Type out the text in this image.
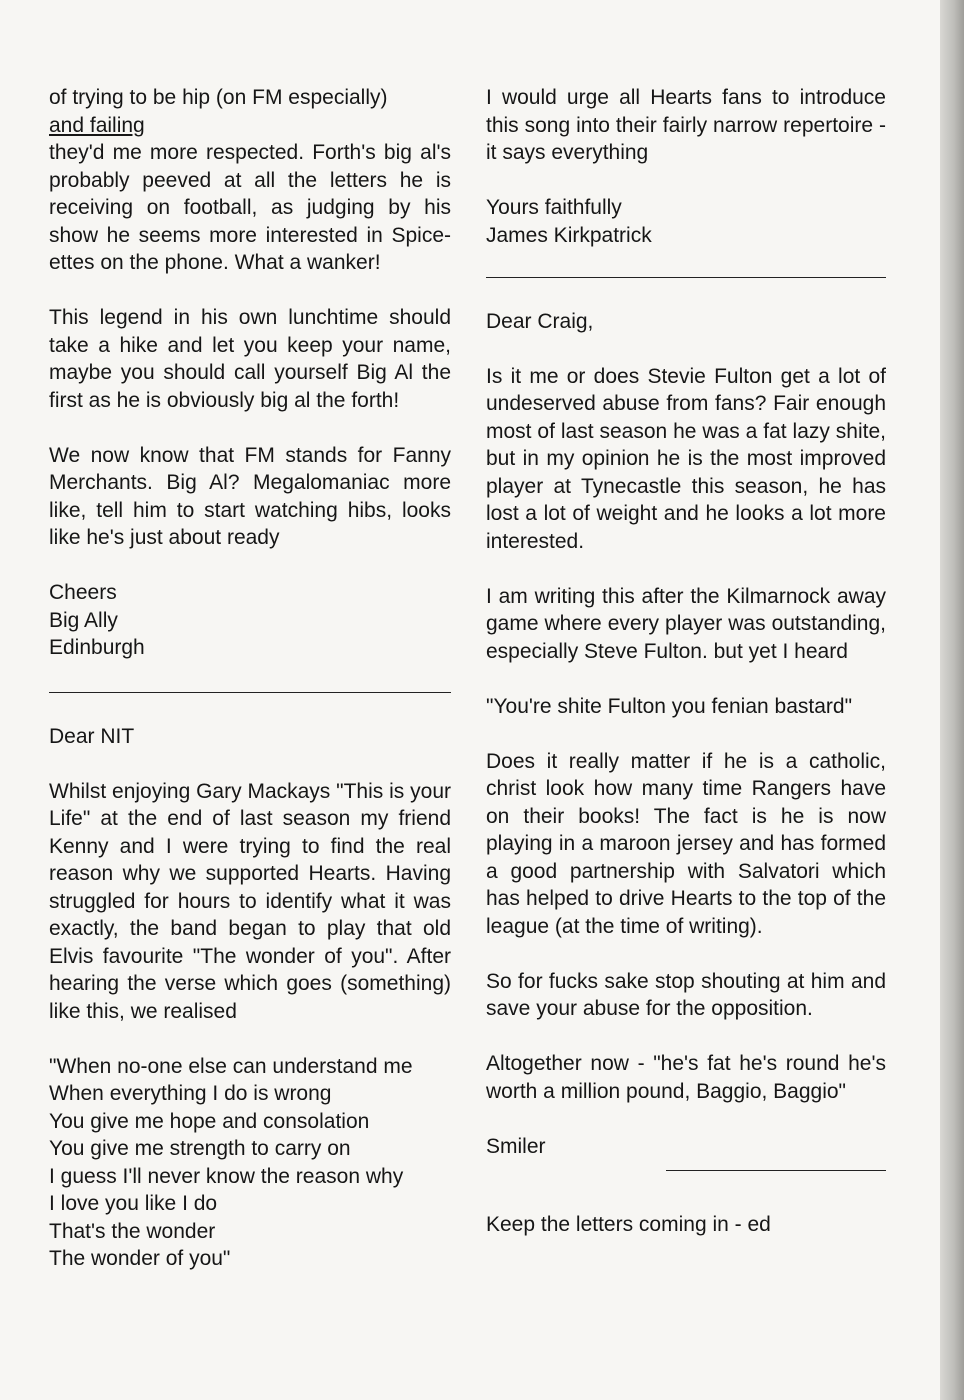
of trying to be hip (on FM especially)
and failing
they'd me more respected. Forth's big al's probably peeved at all the letters he is receiving on football, as judging by his show he seems more interested in Spice-ettes on the phone. What a wanker!

This legend in his own lunchtime should take a hike and let you keep your name, maybe you should call yourself Big Al the first as he is obviously big al the forth!

We now know that FM stands for Fanny Merchants. Big Al? Megalomaniac more like, tell him to start watching hibs, looks like he's just about ready

Cheers
Big Ally
Edinburgh

Dear NIT

Whilst enjoying Gary Mackays "This is your Life" at the end of last season my friend Kenny and I were trying to find the real reason why we supported Hearts. Having struggled for hours to identify what it was exactly, the band began to play that old Elvis favourite "The wonder of you". After hearing the verse which goes (something) like this, we realised

"When no-one else can understand me
When everything I do is wrong
You give me hope and consolation
You give me strength to carry on
I guess I'll never know the reason why
I love you like I do
That's the wonder
The wonder of you"

I would urge all Hearts fans to introduce this song into their fairly narrow repertoire - it says everything

Yours faithfully
James Kirkpatrick

Dear Craig,

Is it me or does Stevie Fulton get a lot of undeserved abuse from fans? Fair enough most of last season he was a fat lazy shite, but in my opinion he is the most improved player at Tynecastle this season, he has lost a lot of weight and he looks a lot more interested.

I am writing this after the Kilmarnock away game where every player was outstanding, especially Steve Fulton. but yet I heard

"You're shite Fulton you fenian bastard"

Does it really matter if he is a catholic, christ look how many time Rangers have on their books! The fact is he is now playing in a maroon jersey and has formed a good partnership with Salvatori which has helped to drive Hearts to the top of the league (at the time of writing).

So for fucks sake stop shouting at him and save your abuse for the opposition.

Altogether now - "he's fat he's round he's worth a million pound, Baggio, Baggio"

Smiler

Keep the letters coming in - ed
